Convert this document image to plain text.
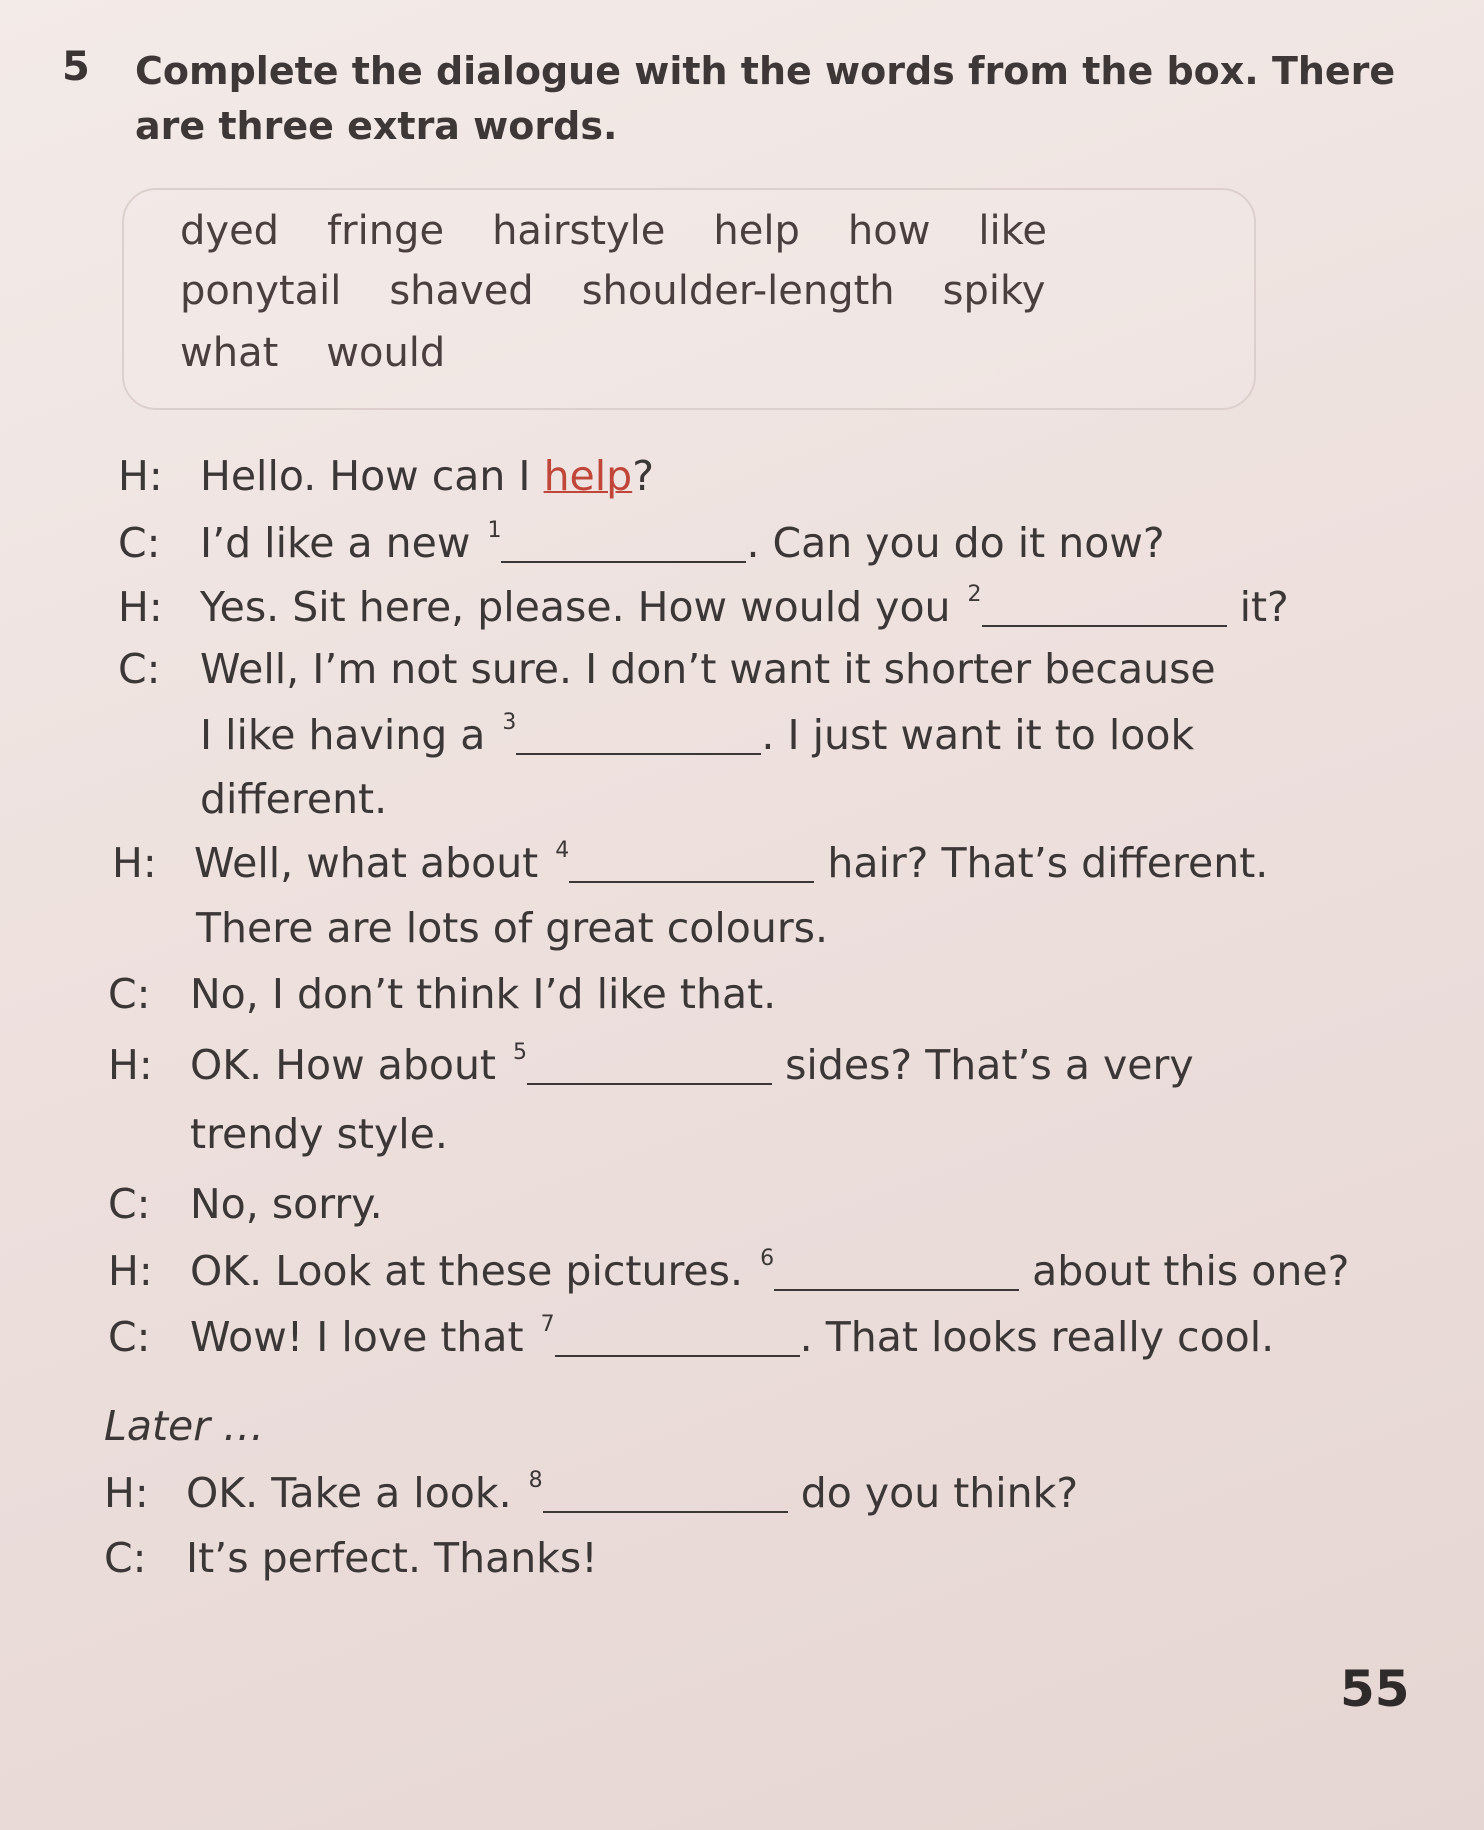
5 Complete the dialogue with the words from the box. There are three extra words.
dyed fringe hairstyle help how like
ponytail shaved shoulder-length spiky
what would
H: Hello. How can I help?
C: I’d like a new $^1$	. Can you do it now?
H: Yes. Sit here, please. How would you $^2$	it?
C: Well, I’m not sure. I don’t want it shorter because
I like having a $^3$	. I just want it to look
different.
H: Well, what about $^4$	hair? That’s different.
There are lots of great colours.
C: No, I don’t think I’d like that.
H: OK. How about $^5$	sides? That’s a very
trendy style.
C: No, sorry.
H: OK. Look at these pictures. $^6$	about this one?
C: Wow! I love that $^7$	. That looks really cool.
Later …
H: OK. Take a look. $^8$	do you think?
C: It’s perfect. Thanks!
55
